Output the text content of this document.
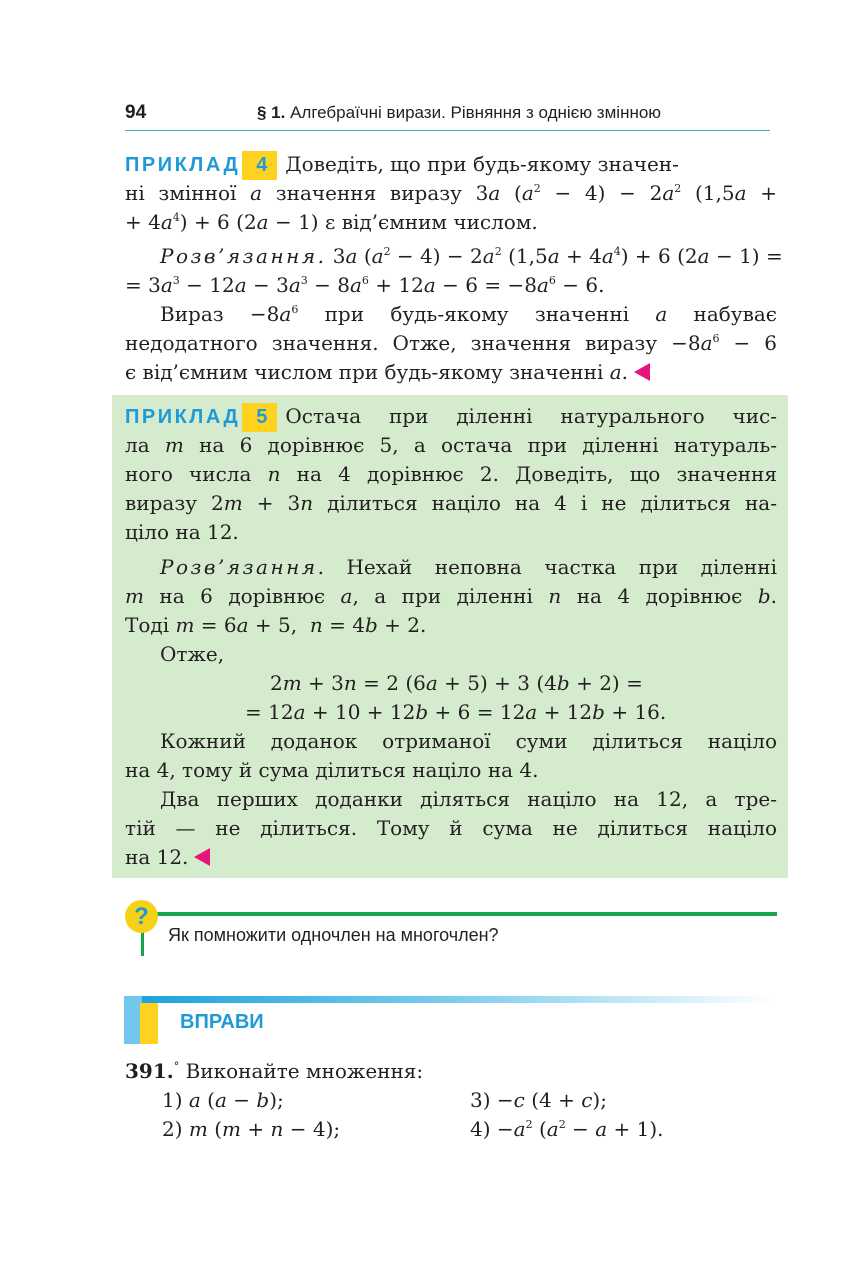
94	§ 1. Алгебраїчні вирази. Рівняння з однією змінною
ПРИКЛАД 4 Доведіть, що при будь-якому значен-
ні змінної a значення виразу 3a $(a^2 - 4) - 2a^2$ (1,5a +
+ $4a^4) + 6$ (2a − 1) ɛ від’ємним числом.
Розв’язання. 3a $(a^2 - 4) - 2a^2$ $(1,5a + 4a^4) + 6$ (2a − 1) =
= $3a^3 - 12a - 3a^3 - 8a^6 + 12a - 6 = -8a^6 - 6$.
Вираз $-8a^6$ при будь-якому значенні a набуває
недодатного значення. Отже, значення виразу $-8a^6 - 6$
є від’ємним числом при будь-якому значенні a.
ПРИКЛАД 5 Остача при діленні натурального чис-
ла m на 6 дорівнює 5, а остача при діленні натураль-
ного числа n на 4 дорівнює 2. Доведіть, що значення
виразу 2m + 3n ділиться націло на 4 і не ділиться на-
ціло на 12.
Розв’язання. Нехай неповна частка при діленні
m на 6 дорівнює a, а при діленні n на 4 дорівнює b.
Тоді m = 6a + 5,  n = 4b + 2.
Отже,
2m + 3n = 2 (6a + 5) + 3 (4b + 2) =
= 12a + 10 + 12b + 6 = 12a + 12b + 16.
Кожний доданок отриманої суми ділиться націло
на 4, тому й сума ділиться націло на 4.
Два перших доданки діляться націло на 12, а тре-
тій — не ділиться. Тому й сума не ділиться націло
на 12.
?
Як помножити одночлен на многочлен?
ВПРАВИ
391.° Виконайте множення:
1) a (a − b);	3) −c (4 + c);
2) m (m + n − 4);	$4) -a^2$ $(a^2 - a + 1)$.
